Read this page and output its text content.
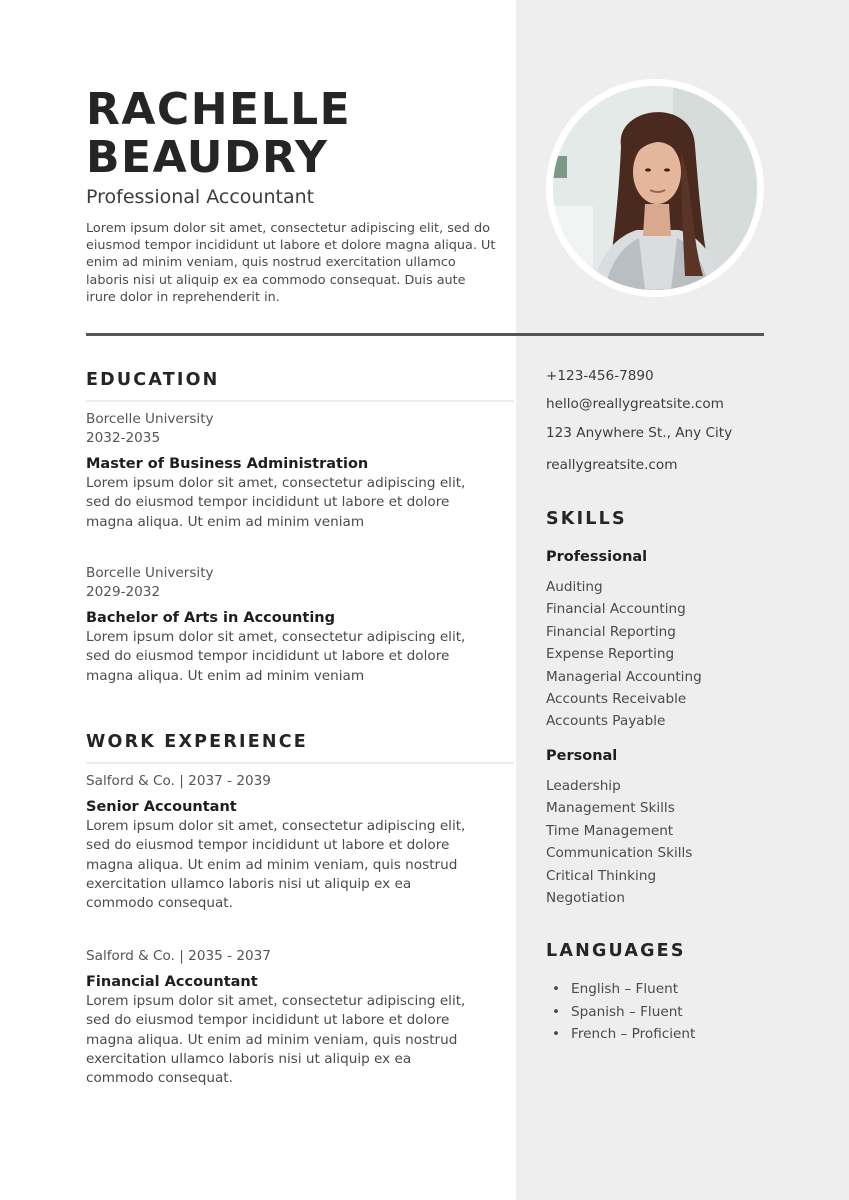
RACHELLE
BEAUDRY
Professional Accountant
Lorem ipsum dolor sit amet, consectetur adipiscing elit, sed do eiusmod tempor incididunt ut labore et dolore magna aliqua. Ut enim ad minim veniam, quis nostrud exercitation ullamco laboris nisi ut aliquip ex ea commodo consequat. Duis aute irure dolor in reprehenderit in.
EDUCATION
Borcelle University
2032-2035
Master of Business Administration
Lorem ipsum dolor sit amet, consectetur adipiscing elit, sed do eiusmod tempor incididunt ut labore et dolore magna aliqua. Ut enim ad minim veniam
Borcelle University
2029-2032
Bachelor of Arts in Accounting
Lorem ipsum dolor sit amet, consectetur adipiscing elit, sed do eiusmod tempor incididunt ut labore et dolore magna aliqua. Ut enim ad minim veniam
WORK EXPERIENCE
Salford & Co. | 2037 - 2039
Senior Accountant
Lorem ipsum dolor sit amet, consectetur adipiscing elit, sed do eiusmod tempor incididunt ut labore et dolore magna aliqua. Ut enim ad minim veniam, quis nostrud exercitation ullamco laboris nisi ut aliquip ex ea commodo consequat.
Salford & Co. | 2035 - 2037
Financial Accountant
Lorem ipsum dolor sit amet, consectetur adipiscing elit, sed do eiusmod tempor incididunt ut labore et dolore magna aliqua. Ut enim ad minim veniam, quis nostrud exercitation ullamco laboris nisi ut aliquip ex ea commodo consequat.
+123-456-7890
hello@reallygreatsite.com
123 Anywhere St., Any City
reallygreatsite.com
SKILLS
Professional
Auditing
Financial Accounting
Financial Reporting
Expense Reporting
Managerial Accounting
Accounts Receivable
Accounts Payable
Personal
Leadership
Management Skills
Time Management
Communication Skills
Critical Thinking
Negotiation
LANGUAGES
• English – Fluent
• Spanish – Fluent
• French – Proficient
